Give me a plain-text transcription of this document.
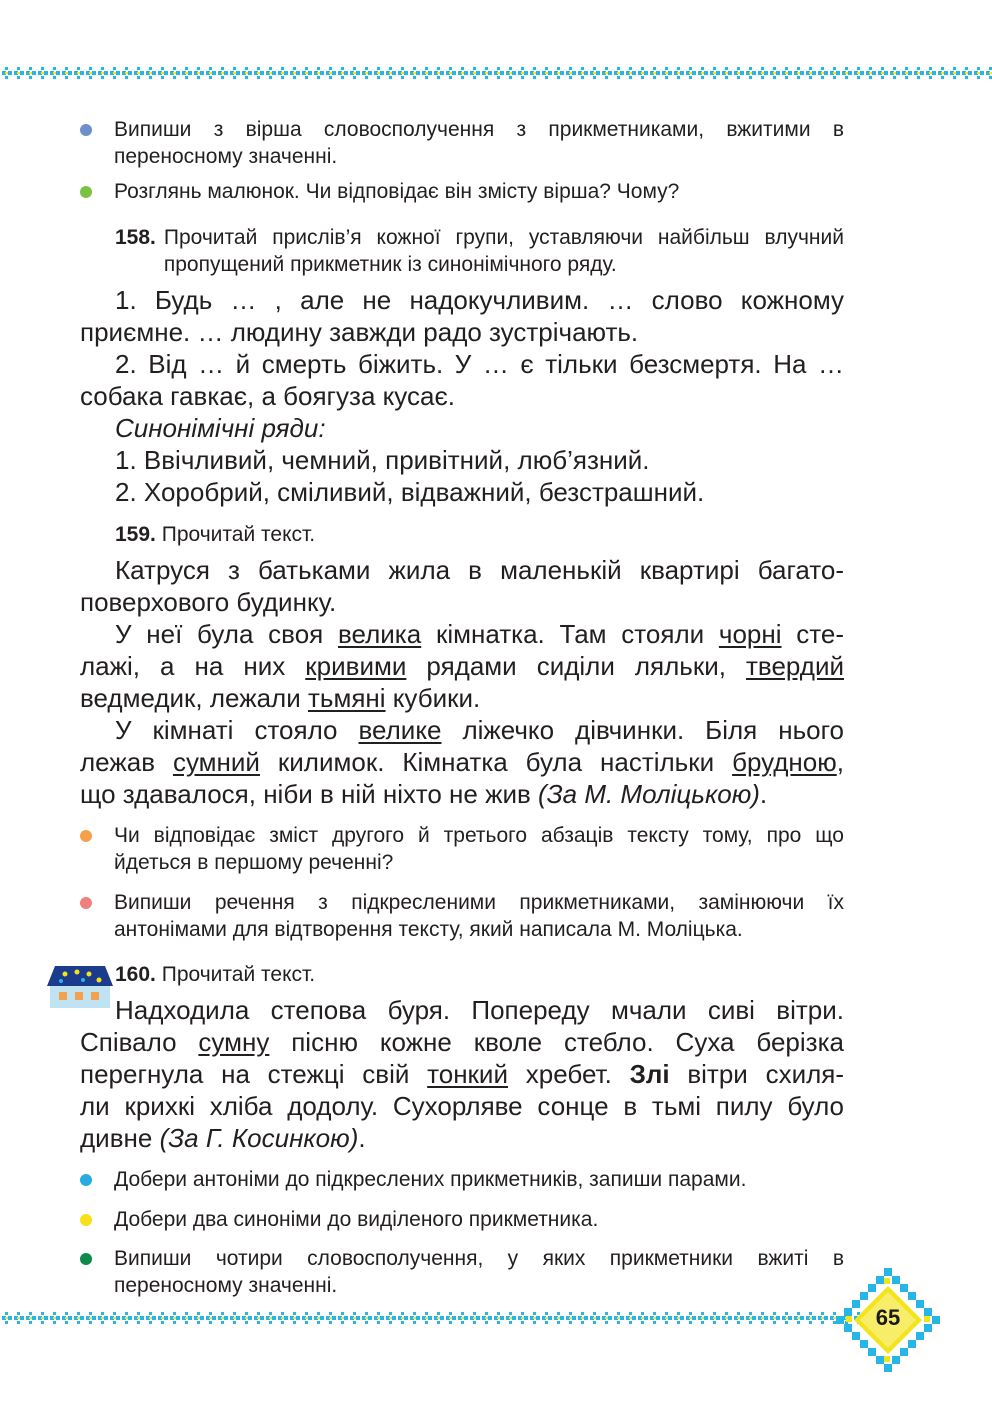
Випиши з вірша словосполучення з прикметниками, вжитими в переносному значенні.
Розглянь малюнок. Чи відповідає він змісту вірша? Чому?
158. Прочитай прислів’я кожної групи, уставляючи найбільш влучний пропущений прикметник із синонімічного ряду.
1. Будь … , але не надокучливим. … слово кожному
приємне. … людину завжди радо зустрічають.
2. Від … й смерть біжить. У … є тільки безсмертя. На …
собака гавкає, а боягуза кусає.
Синонімічні ряди:
1. Ввічливий, чемний, привітний, люб’язний.
2. Хоробрий, сміливий, відважний, безстрашний.
159. Прочитай текст.
Катруся з батьками жила в маленькій квартирі багато-
поверхового будинку.
У неї була своя велика кімнатка. Там стояли чорні сте-
лажі, а на них кривими рядами сиділи ляльки, твердий
ведмедик, лежали тьмяні кубики.
У кімнаті стояло велике ліжечко дівчинки. Біля нього
лежав сумний килимок. Кімнатка була настільки брудною,
що здавалося, ніби в ній ніхто не жив (За М. Моліцькою).
Чи відповідає зміст другого й третього абзаців тексту тому, про що йдеться в першому реченні?
Випиши речення з підкресленими прикметниками, замінюючи їх антонімами для відтворення тексту, який написала М. Моліцька.
160. Прочитай текст.
Надходила степова буря. Попереду мчали сиві вітри.
Співало сумну пісню кожне кволе стебло. Суха берізка
перегнула на стежці свій тонкий хребет. Злі вітри схиля-
ли крихкі хліба додолу. Сухорляве сонце в тьмі пилу було
дивне (За Г. Косинкою).
Добери антоніми до підкреслених прикметників, запиши парами.
Добери два синоніми до виділеного прикметника.
Випиши чотири словосполучення, у яких прикметники вжиті в переносному значенні.
65
